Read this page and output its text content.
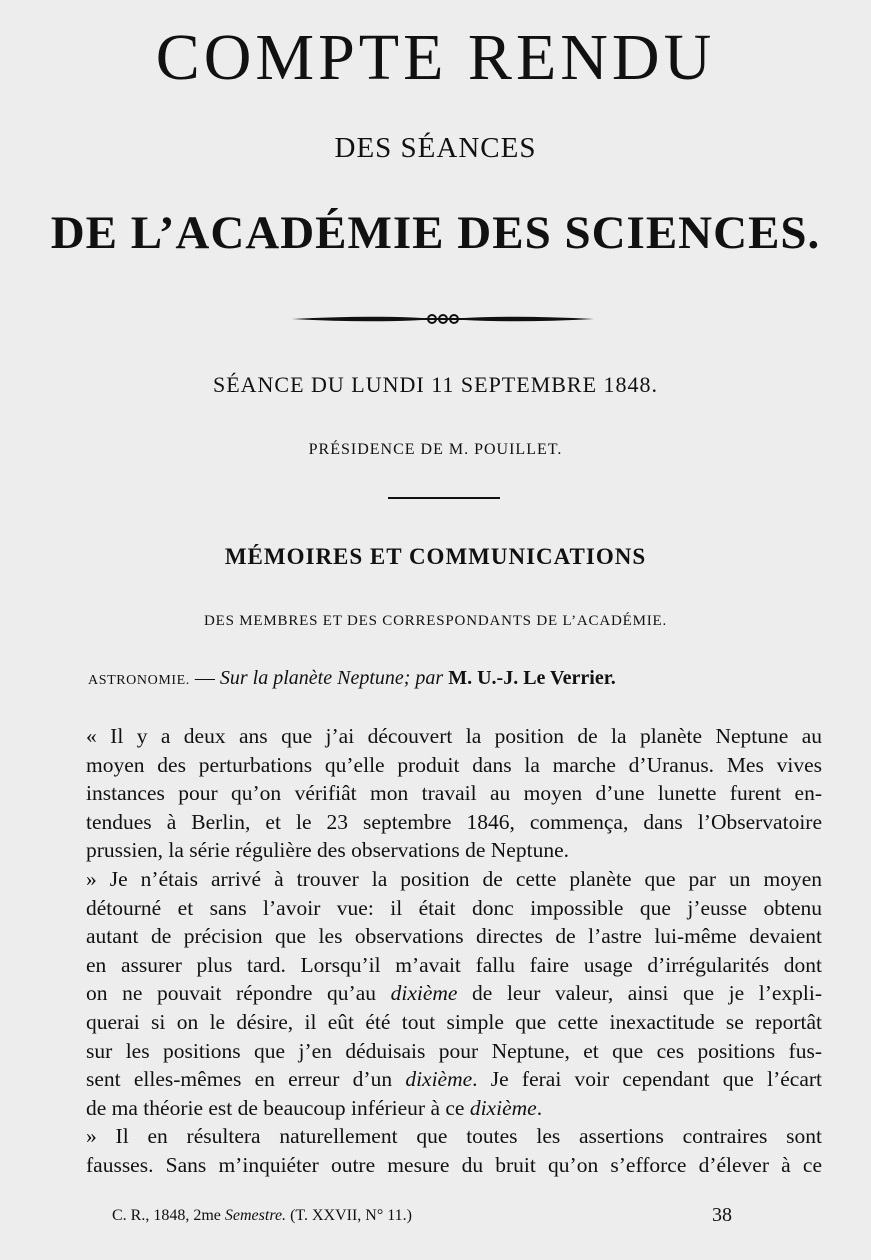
COMPTE RENDU
DES SÉANCES
DE L’ACADÉMIE DES SCIENCES.
SÉANCE DU LUNDI 11 SEPTEMBRE 1848.
PRÉSIDENCE DE M. POUILLET.
MÉMOIRES ET COMMUNICATIONS
DES MEMBRES ET DES CORRESPONDANTS DE L’ACADÉMIE.
ASTRONOMIE. — Sur la planète Neptune; par M. U.-J. Le Verrier.
« Il y a deux ans que j’ai découvert la position de la planète Neptune au
moyen des perturbations qu’elle produit dans la marche d’Uranus. Mes vives
instances pour qu’on vérifiât mon travail au moyen d’une lunette furent en-
tendues à Berlin, et le 23 septembre 1846, commença, dans l’Observatoire
prussien, la série régulière des observations de Neptune.
» Je n’étais arrivé à trouver la position de cette planète que par un moyen
détourné et sans l’avoir vue: il était donc impossible que j’eusse obtenu
autant de précision que les observations directes de l’astre lui-même devaient
en assurer plus tard. Lorsqu’il m’avait fallu faire usage d’irrégularités dont
on ne pouvait répondre qu’au dixième de leur valeur, ainsi que je l’expli-
querai si on le désire, il eût été tout simple que cette inexactitude se reportât
sur les positions que j’en déduisais pour Neptune, et que ces positions fus-
sent elles-mêmes en erreur d’un dixième. Je ferai voir cependant que l’écart
de ma théorie est de beaucoup inférieur à ce dixième.
» Il en résultera naturellement que toutes les assertions contraires sont
fausses. Sans m’inquiéter outre mesure du bruit qu’on s’efforce d’élever à ce
C. R., 1848, 2me Semestre. (T. XXVII, N° 11.)	38
